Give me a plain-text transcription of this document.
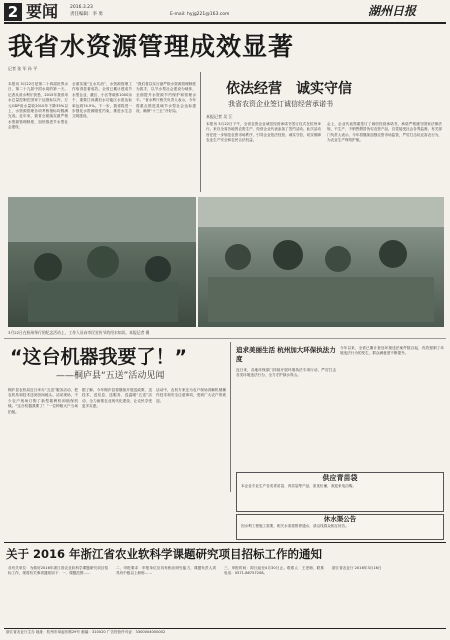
2 要闻	2016.3.23
责任编辑：李 勇	E-mail: hyjg221@163.com	湖州日报
我省水资源管理成效显著
记者 张 军 孙 平
本报讯 3月22日是第二十四届世界水日，第二十九届中国水周的第一天。记者从省水利厅获悉，2015年我省用水总量控制在国家下达指标以内，万元GDP用水量较2010年下降35%以上，水资源管理各项考核指标均圆满完成。近年来，我省全面落实最严格水资源管理制度，加快推进节水型社会建设，
全面实施“五水共治”，水资源管理工作取得显著成效。全省已累计建成节水型企业、灌区、小区等载体1000余个，重要江河湖泊水功能区水质达标率达到74.5%。下一步，我省将进一步强化水资源刚性约束，推进水生态文明建设。
“我们将以实行最严格水资源管理制度为抓手，以节水型社会建设为载体，全面提升水资源节约保护和管理水平。”省水利厅相关负责人表示，今年将重点推进县域节水型社会达标建设，确保“十三五”开好局。
3月22日在杭州举行的纪念活动上，工作人员向市民宣传节约用水知识。本报记者 摄
依法经营　诚实守信
我省农资企业签订诚信经营承诺书
本报记者 吴 江
本报讯 3月22日下午，全省农资企业诚信经营承诺书签订仪式在杭州举行。来自全省各地的农资生产、经营企业代表参加了签约活动。此次活动旨在进一步规范农资市场秩序，引导企业依法经营、诚实守信，切实保障农业生产安全和农民合法权益。
会上，企业代表郑重签订了诚信经营承诺书，承诺严格遵守国家法律法规，不生产、不销售假冒伪劣农资产品，自觉接受社会各界监督。有关部门负责人表示，今年将继续加强农资市场监管，严厉打击坑农害农行为，为农业生产保驾护航。
“这台机器我要了！”
——桐庐县“五送”活动见闻
桐庐县农机局近日举办“五送”服务活动，把农机具和技术送到田间地头。活动现场，不少农户现场订购了新型插秧机和植保机械。“这台机器我要了！”一位种粮大户当场拍板。
据了解，今年桐庐县将继续开展送政策、送技术、送信息、送服务、送温暖“五送”活动，全力助推农业现代化建设，让农民享受更多实惠。
活动中，农机专家还为农户现场讲解机械操作技术和安全注意事项，受到广大农户的欢迎。
追求美丽生活 杭州加大环保执法力度
连日来，各地环保部门持续开展环境执法专项行动，严厉打击各类环境违法行为，全力守护绿水青山。
今年以来，全省已累计查处环境违法案件数百起，有效遏制了环境违法行为的发生，群众满意度不断提升。
供应青苗袋
本企业专业生产各类青苗袋、育苗袋等产品，质优价廉，欢迎来电洽购。
休水渠公告
因水利工程施工需要，相关水渠将暂停通水，请沿线群众相互转告。
关于 2016 年浙江省农业软科学课题研究项目招标工作的通知
各有关单位：为做好2016年浙江省农业软科学课题研究项目招标工作，现将有关事项通知如下：一、课题范围……
二、申报要求：申报单位应具有相应研究能力，课题负责人须具有中级以上职称……
三、申报时间：即日起至4月30日止。联系人：王老师，联系电话：0571-86757208。
浙江省农业厅 2016年3月16日
浙江省农业厅主办 地址：杭州市凤起东路29号 邮编：310020 广告经营许可证：3300004000002
